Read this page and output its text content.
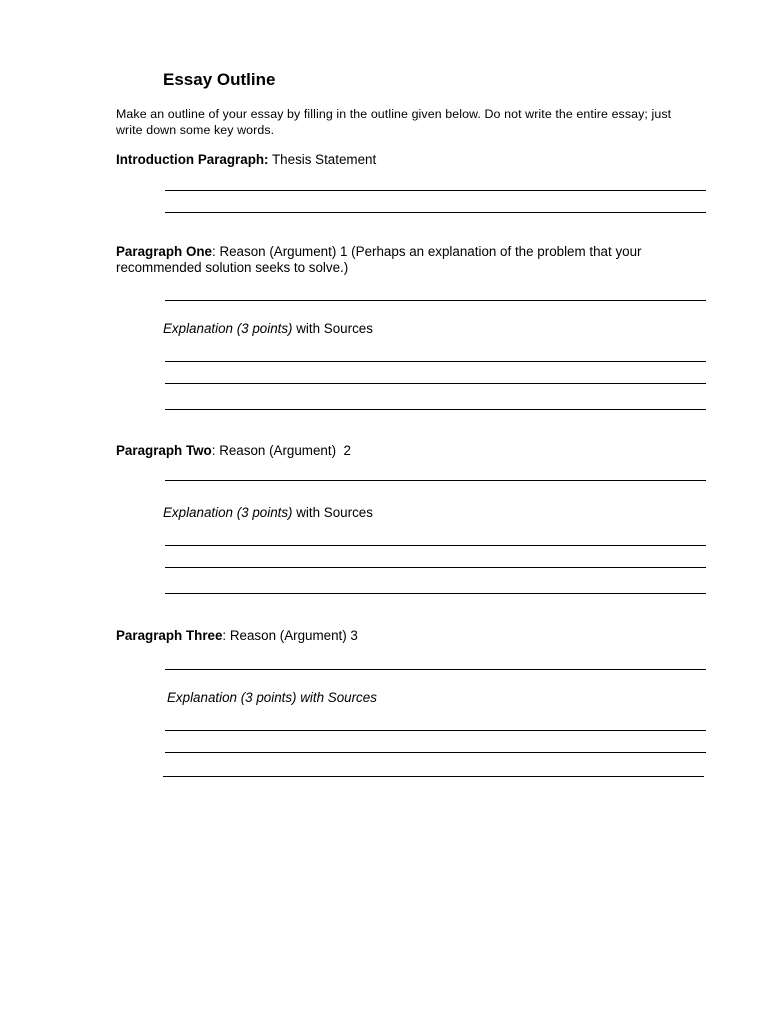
Essay Outline
Make an outline of your essay by filling in the outline given below. Do not write the entire essay; just write down some key words.
Introduction Paragraph: Thesis Statement
Paragraph One: Reason (Argument) 1 (Perhaps an explanation of the problem that your recommended solution seeks to solve.)
Explanation (3 points) with Sources
Paragraph Two: Reason (Argument)  2
Explanation (3 points) with Sources
Paragraph Three: Reason (Argument) 3
Explanation (3 points) with Sources
